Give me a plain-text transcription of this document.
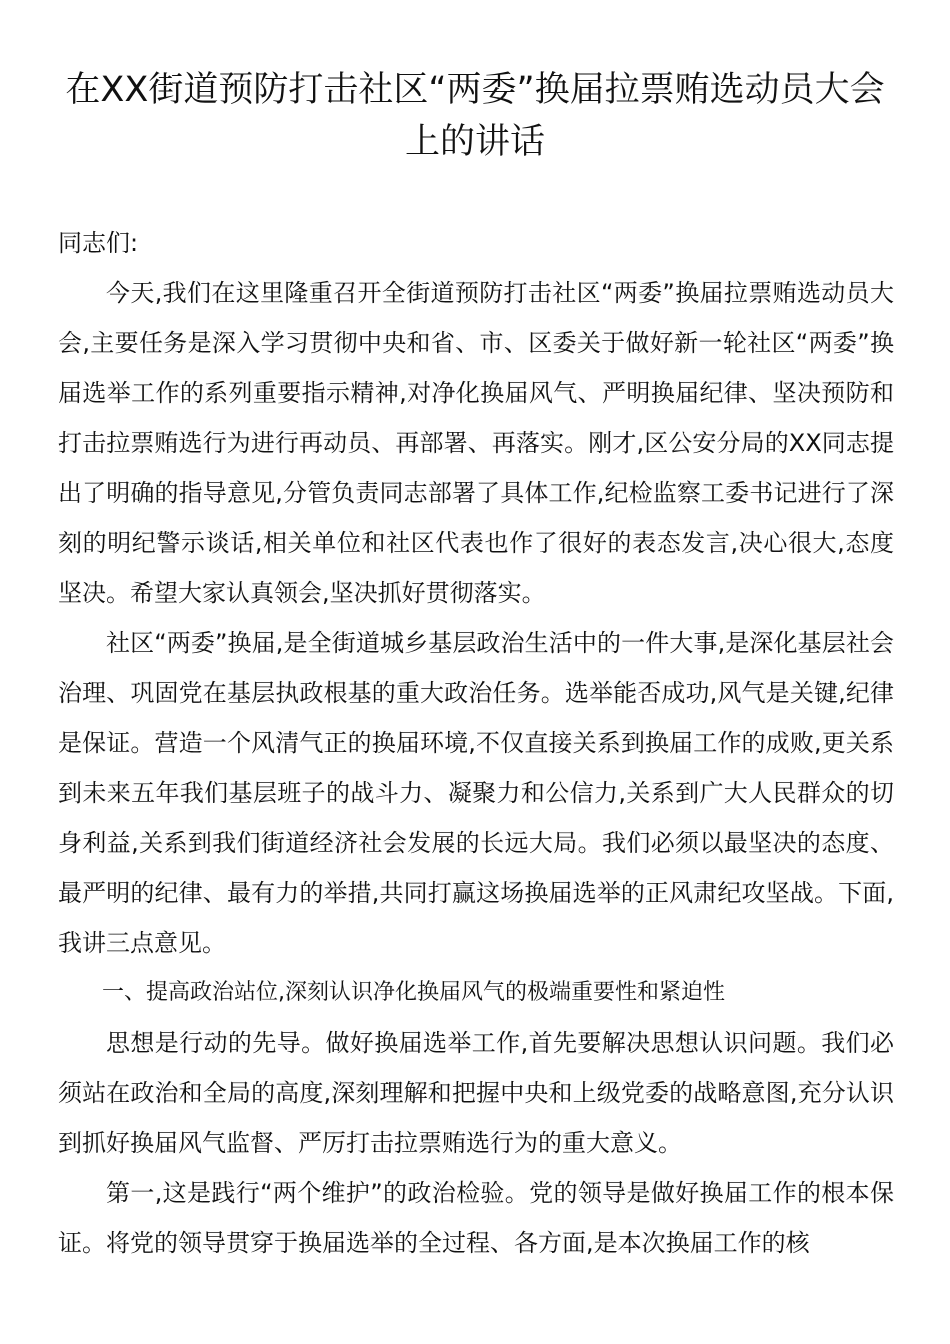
在XX街道预防打击社区“两委”换届拉票贿选动员大会上的讲话

同志们:

今天,我们在这里隆重召开全街道预防打击社区“两委”换届拉票贿选动员大会,主要任务是深入学习贯彻中央和省、市、区委关于做好新一轮社区“两委”换届选举工作的系列重要指示精神,对净化换届风气、严明换届纪律、坚决预防和打击拉票贿选行为进行再动员、再部署、再落实。刚才,区公安分局的XX同志提出了明确的指导意见,分管负责同志部署了具体工作,纪检监察工委书记进行了深刻的明纪警示谈话,相关单位和社区代表也作了很好的表态发言,决心很大,态度坚决。希望大家认真领会,坚决抓好贯彻落实。

社区“两委”换届,是全街道城乡基层政治生活中的一件大事,是深化基层社会治理、巩固党在基层执政根基的重大政治任务。选举能否成功,风气是关键,纪律是保证。营造一个风清气正的换届环境,不仅直接关系到换届工作的成败,更关系到未来五年我们基层班子的战斗力、凝聚力和公信力,关系到广大人民群众的切身利益,关系到我们街道经济社会发展的长远大局。我们必须以最坚决的态度、最严明的纪律、最有力的举措,共同打赢这场换届选举的正风肃纪攻坚战。下面,我讲三点意见。

一、提高政治站位,深刻认识净化换届风气的极端重要性和紧迫性

思想是行动的先导。做好换届选举工作,首先要解决思想认识问题。我们必须站在政治和全局的高度,深刻理解和把握中央和上级党委的战略意图,充分认识到抓好换届风气监督、严厉打击拉票贿选行为的重大意义。

第一,这是践行“两个维护”的政治检验。党的领导是做好换届工作的根本保证。将党的领导贯穿于换届选举的全过程、各方面,是本次换届工作的核
